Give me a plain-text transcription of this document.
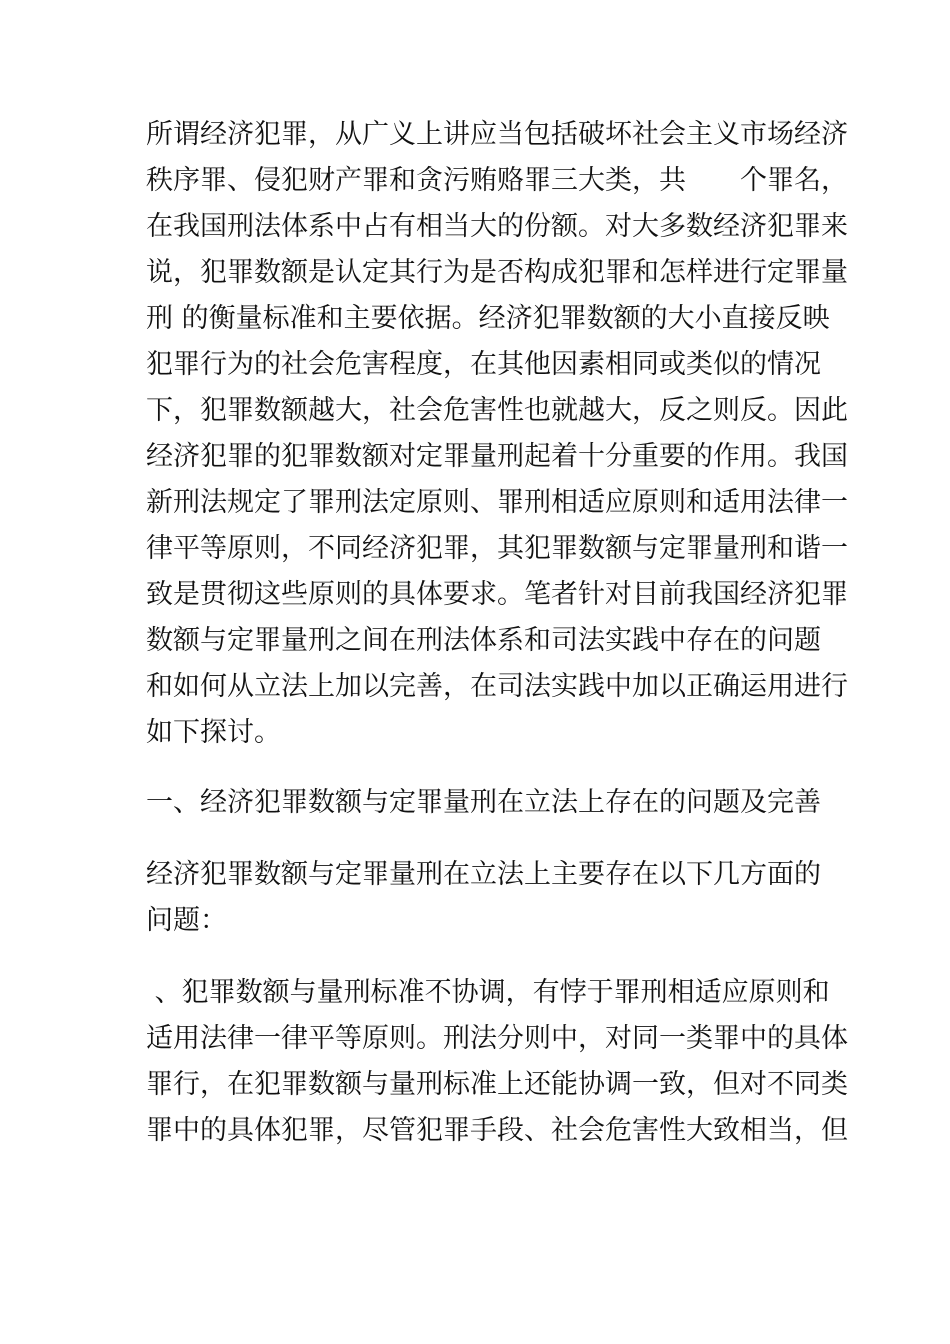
所谓经济犯罪，从广义上讲应当包括破坏社会主义市场经济
秩序罪、侵犯财产罪和贪污贿赂罪三大类，共　　个罪名，
在我国刑法体系中占有相当大的份额。对大多数经济犯罪来
说，犯罪数额是认定其行为是否构成犯罪和怎样进行定罪量
刑 的衡量标准和主要依据。经济犯罪数额的大小直接反映
犯罪行为的社会危害程度，在其他因素相同或类似的情况
下，犯罪数额越大，社会危害性也就越大，反之则反。因此
经济犯罪的犯罪数额对定罪量刑起着十分重要的作用。我国
新刑法规定了罪刑法定原则、罪刑相适应原则和适用法律一
律平等原则，不同经济犯罪，其犯罪数额与定罪量刑和谐一
致是贯彻这些原则的具体要求。笔者针对目前我国经济犯罪
数额与定罪量刑之间在刑法体系和司法实践中存在的问题
和如何从立法上加以完善，在司法实践中加以正确运用进行
如下探讨。
一、经济犯罪数额与定罪量刑在立法上存在的问题及完善
经济犯罪数额与定罪量刑在立法上主要存在以下几方面的
问题：
、犯罪数额与量刑标准不协调，有悖于罪刑相适应原则和
适用法律一律平等原则。刑法分则中，对同一类罪中的具体
罪行，在犯罪数额与量刑标准上还能协调一致，但对不同类
罪中的具体犯罪，尽管犯罪手段、社会危害性大致相当，但
